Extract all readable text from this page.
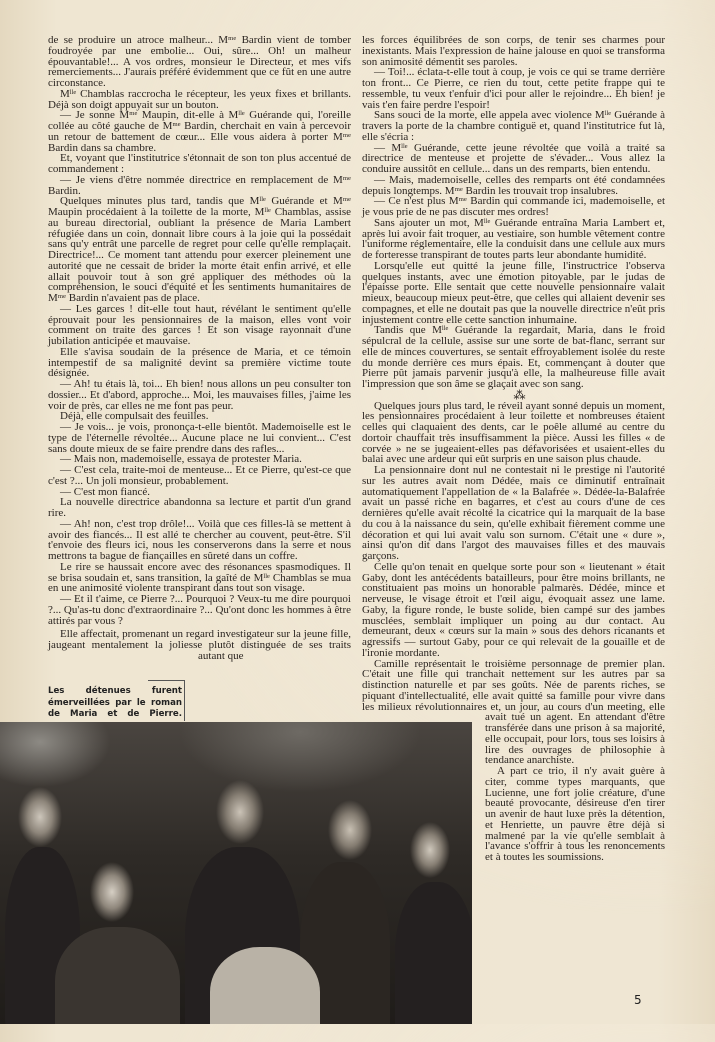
Les détenues furent émerveillées par le roman de Maria et de Pierre.

de se produire un atroce malheur... Mᵐᵉ Bardin vient de tomber foudroyée par une embolie... Oui, sûre... Oh! un malheur épouvantable!... A vos ordres, monsieur le Directeur, et mes vifs remerciements... J'aurais préféré évidemment que ce fût en une autre circonstance.

Mˡˡᵉ Chamblas raccrocha le récepteur, les yeux fixes et brillants. Déjà son doigt appuyait sur un bouton.

— Je sonne Mᵐᵉ Maupin, dit-elle à Mˡˡᵉ Guérande qui, l'oreille collée au côté gauche de Mᵐᵉ Bardin, cherchait en vain à percevoir un retour de battement de cœur... Elle vous aidera à porter Mᵐᵉ Bardin dans sa chambre.

Et, voyant que l'institutrice s'étonnait de son ton plus accentué de commandement :

— Je viens d'être nommée directrice en remplacement de Mᵐᵉ Bardin.

Quelques minutes plus tard, tandis que Mˡˡᵉ Guérande et Mᵐᵉ Maupin procédaient à la toilette de la morte, Mˡˡᵉ Chamblas, assise au bureau directorial, oubliant la présence de Maria Lambert réfugiée dans un coin, donnait libre cours à la joie qui la possédait sans qu'y entrât une parcelle de regret pour celle qu'elle remplaçait. Directrice!... Ce moment tant attendu pour exercer pleinement une autorité que ne cessait de brider la morte était enfin arrivé, et elle allait pouvoir tout à son gré appliquer des méthodes où la compréhension, le souci d'équité et les sentiments humanitaires de Mᵐᵉ Bardin n'avaient pas de place.

— Les garces ! dit-elle tout haut, révélant le sentiment qu'elle éprouvait pour les pensionnaires de la maison, elles vont voir comment on traite des garces ! Et son visage rayonnait d'une jubilation anticipée et mauvaise.

Elle s'avisa soudain de la présence de Maria, et ce témoin intempestif de sa malignité devint sa première victime toute désignée.

— Ah! tu étais là, toi... Eh bien! nous allons un peu consulter ton dossier... Et d'abord, approche... Moi, les mauvaises filles, j'aime les voir de près, car elles ne me font pas peur.

Déjà, elle compulsait des feuilles.

— Je vois... je vois, prononça-t-elle bientôt. Mademoiselle est le type de l'éternelle révoltée... Aucune place ne lui convient... C'est sans doute mieux de se faire prendre dans des rafles...

— Mais non, mademoiselle, essaya de protester Maria.

— C'est cela, traite-moi de menteuse... Et ce Pierre, qu'est-ce que c'est ?... Un joli monsieur, probablement.

— C'est mon fiancé.

La nouvelle directrice abandonna sa lecture et partit d'un grand rire.

— Ah! non, c'est trop drôle!... Voilà que ces filles-là se mettent à avoir des fiancés... Il est allé te chercher au couvent, peut-être. S'il t'envoie des fleurs ici, nous les conserverons dans la serre et nous mettrons ta bague de fiançailles en sûreté dans un coffre.

Le rire se haussait encore avec des résonances spasmodiques. Il se brisa soudain et, sans transition, la gaîté de Mˡˡᵉ Chamblas se mua en une animosité violente transpirant dans tout son visage.

— Et il t'aime, ce Pierre ?... Pourquoi ? Veux-tu me dire pourquoi ?... Qu'as-tu donc d'extraordinaire ?... Qu'ont donc les hommes à être attirés par vous ?

Elle affectait, promenant un regard investigateur sur la jeune fille, jaugeant mentalement la joliesse plutôt distinguée de ses traits autant que

les forces équilibrées de son corps, de tenir ses charmes pour inexistants. Mais l'expression de haine jalouse en quoi se transforma son animosité démentit ses paroles.

— Toi!... éclata-t-elle tout à coup, je vois ce qui se trame derrière ton front... Ce Pierre, ce rien du tout, cette petite frappe qui te ressemble, tu veux t'enfuir d'ici pour aller le rejoindre... Eh bien! je vais t'en faire perdre l'espoir!

Sans souci de la morte, elle appela avec violence Mˡˡᵉ Guérande à travers la porte de la chambre contiguë et, quand l'institutrice fut là, elle s'écria :

— Mˡˡᵉ Guérande, cette jeune révoltée que voilà a traité sa directrice de menteuse et projette de s'évader... Vous allez la conduire aussitôt en cellule... dans un des remparts, bien entendu.

— Mais, mademoiselle, celles des remparts ont été condamnées depuis longtemps. Mᵐᵉ Bardin les trouvait trop insalubres.

— Ce n'est plus Mᵐᵉ Bardin qui commande ici, mademoiselle, et je vous prie de ne pas discuter mes ordres!

Sans ajouter un mot, Mˡˡᵉ Guérande entraîna Maria Lambert et, après lui avoir fait troquer, au vestiaire, son humble vêtement contre l'uniforme réglementaire, elle la conduisit dans une cellule aux murs de forteresse transpirant de toutes parts leur abondante humidité.

Lorsqu'elle eut quitté la jeune fille, l'instructrice l'observa quelques instants, avec une émotion pitoyable, par le judas de l'épaisse porte. Elle sentait que cette nouvelle pensionnaire valait mieux, beaucoup mieux peut-être, que celles qui allaient devenir ses compagnes, et elle ne doutait pas que la nouvelle directrice n'eût pris injustement contre elle cette sanction inhumaine.

Tandis que Mˡˡᵉ Guérande la regardait, Maria, dans le froid sépulcral de la cellule, assise sur une sorte de bat-flanc, serrant sur elle de minces couvertures, se sentait effroyablement isolée du reste du monde derrière ces murs épais. Et, commençant à douter que Pierre pût jamais parvenir jusqu'à elle, la malheureuse fille avait l'impression que son âme se glaçait avec son sang.

⁂

Quelques jours plus tard, le réveil ayant sonné depuis un moment, les pensionnaires procédaient à leur toilette et nombreuses étaient celles qui claquaient des dents, car le poêle allumé au centre du dortoir chauffait très insuffisamment la pièce. Aussi les filles « de corvée » ne se jugeaient-elles pas défavorisées et usaient-elles du balai avec une ardeur qui eût surpris en une saison plus chaude.

La pensionnaire dont nul ne contestait ni le prestige ni l'autorité sur les autres avait nom Dédée, mais ce diminutif entraînait automatiquement l'appellation de « la Balafrée ». Dédée-la-Balafrée avait un passé riche en bagarres, et c'est au cours d'une de ces dernières qu'elle avait récolté la cicatrice qui la marquait de la base du cou à la naissance du sein, qu'elle exhibait fièrement comme une décoration et qui lui avait valu son surnom. C'était une « dure », ainsi qu'on dit dans l'argot des mauvaises filles et des mauvais garçons.

Celle qu'on tenait en quelque sorte pour son « lieutenant » était Gaby, dont les antécédents batailleurs, pour être moins brillants, ne constituaient pas moins un honorable palmarès. Dédée, mince et nerveuse, le visage étroit et l'œil aigu, évoquait assez une lame. Gaby, la figure ronde, le buste solide, bien campé sur des jambes musclées, semblait impliquer un poing au dur contact. Au demeurant, deux « cœurs sur la main » sous des dehors ricanants et agressifs — surtout Gaby, pour ce qui relevait de la gouaille et de l'ironie mordante.

Camille représentait le troisième personnage de premier plan. C'était une fille qui tranchait nettement sur les autres par sa distinction naturelle et par ses goûts. Née de parents riches, se piquant d'intellectualité, elle avait quitté sa famille pour vivre dans les milieux révolutionnaires et, un jour, au cours d'un meeting, elle avait tué un agent. En attendant d'être transférée dans une prison à sa majorité, elle occupait, pour lors, tous ses loisirs à lire des ouvrages de philosophie à tendance anarchiste.

A part ce trio, il n'y avait guère à citer, comme types marquants, que Lucienne, une fort jolie créature, d'une beauté provocante, désireuse d'en tirer un avenir de haut luxe près la détention, et Henriette, un pauvre être déjà si malmené par la vie qu'elle semblait à l'avance s'offrir à tous les renoncements et à toutes les soumissions.

5
